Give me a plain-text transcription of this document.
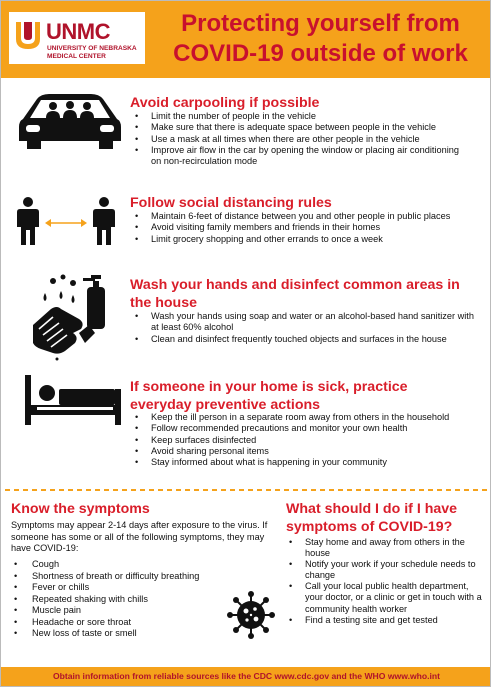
UNMC
UNIVERSITY OF NEBRASKA
MEDICAL CENTER
Protecting yourself from
COVID-19 outside of work
Avoid carpooling if possible
• Limit the number of people in the vehicle
• Make sure that there is adequate space between people in the vehicle
• Use a mask at all times when there are other people in the vehicle
• Improve air flow in the car by opening the window or placing air conditioning on non-recirculation mode
Follow social distancing rules
• Maintain 6-feet of distance between you and other people in public places
• Avoid visiting family members and friends in their homes
• Limit grocery shopping and other errands to once a week
Wash your hands and disinfect common areas in
the house
• Wash your hands using soap and water or an alcohol-based hand sanitizer with at least 60% alcohol
• Clean and disinfect frequently touched objects and surfaces in the house
If someone in your home is sick, practice
everyday preventive actions
• Keep the ill person in a separate room away from others in the household
• Follow recommended precautions and monitor your own health
• Keep surfaces disinfected
• Avoid sharing personal items
• Stay informed about what is happening in your community
Know the symptoms
Symptoms may appear 2-14 days after exposure to the virus. If someone has some or all of the following symptoms, they may have COVID-19:
• Cough
• Shortness of breath or difficulty breathing
• Fever or chills
• Repeated shaking with chills
• Muscle pain
• Headache or sore throat
• New loss of taste or smell
What should I do if I have
symptoms of COVID-19?
• Stay home and away from others in the house
• Notify your work if your schedule needs to change
• Call your local public health department, your doctor, or a clinic or get in touch with a community health worker
• Find a testing site and get tested
Obtain information from reliable sources like the CDC www.cdc.gov and the WHO www.who.int
